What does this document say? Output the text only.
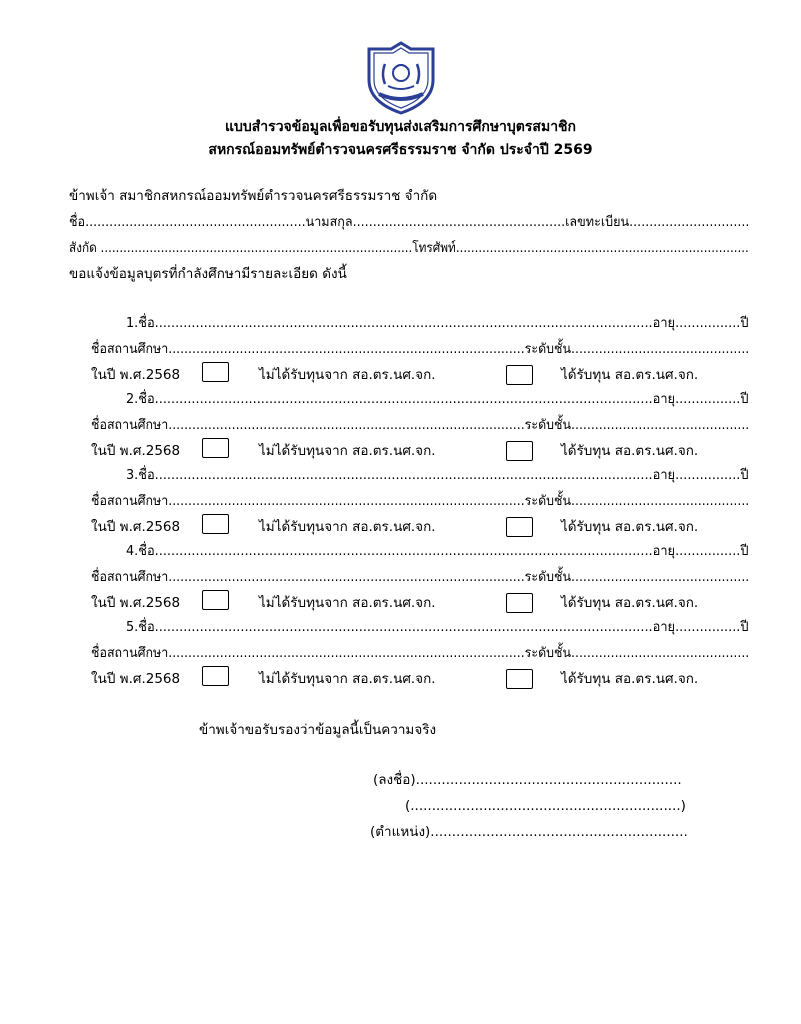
แบบสำรวจข้อมูลเพื่อขอรับทุนส่งเสริมการศึกษาบุตรสมาชิก
สหกรณ์ออมทรัพย์ตำรวจนครศรีธรรมราช จำกัด ประจำปี 2569
ข้าพเจ้า สมาชิกสหกรณ์ออมทรัพย์ตำรวจนครศรีธรรมราช จำกัด
ชื่อ.......................................................นามสกุล.....................................................เลขทะเบียน..............................
สังกัด ...................................................................................โทรศัพท์..............................................................................
ขอแจ้งข้อมูลบุตรที่กำลังศึกษามีรายละเอียด ดังนี้
1.ชื่อ..........................................................................................................................อายุ................ปี
ชื่อสถานศึกษา..........................................................................................ระดับชั้น.............................................
ในปี พ.ศ.2568	ไม่ได้รับทุนจาก สอ.ตร.นศ.จก.	ได้รับทุน สอ.ตร.นศ.จก.
2.ชื่อ..........................................................................................................................อายุ................ปี
ชื่อสถานศึกษา..........................................................................................ระดับชั้น.............................................
ในปี พ.ศ.2568	ไม่ได้รับทุนจาก สอ.ตร.นศ.จก.	ได้รับทุน สอ.ตร.นศ.จก.
3.ชื่อ..........................................................................................................................อายุ................ปี
ชื่อสถานศึกษา..........................................................................................ระดับชั้น.............................................
ในปี พ.ศ.2568	ไม่ได้รับทุนจาก สอ.ตร.นศ.จก.	ได้รับทุน สอ.ตร.นศ.จก.
4.ชื่อ..........................................................................................................................อายุ................ปี
ชื่อสถานศึกษา..........................................................................................ระดับชั้น.............................................
ในปี พ.ศ.2568	ไม่ได้รับทุนจาก สอ.ตร.นศ.จก.	ได้รับทุน สอ.ตร.นศ.จก.
5.ชื่อ..........................................................................................................................อายุ................ปี
ชื่อสถานศึกษา..........................................................................................ระดับชั้น.............................................
ในปี พ.ศ.2568	ไม่ได้รับทุนจาก สอ.ตร.นศ.จก.	ได้รับทุน สอ.ตร.นศ.จก.
ข้าพเจ้าขอรับรองว่าข้อมูลนี้เป็นความจริง
(ลงชื่อ)..............................................................
(...............................................................)
(ตำแหน่ง)............................................................
